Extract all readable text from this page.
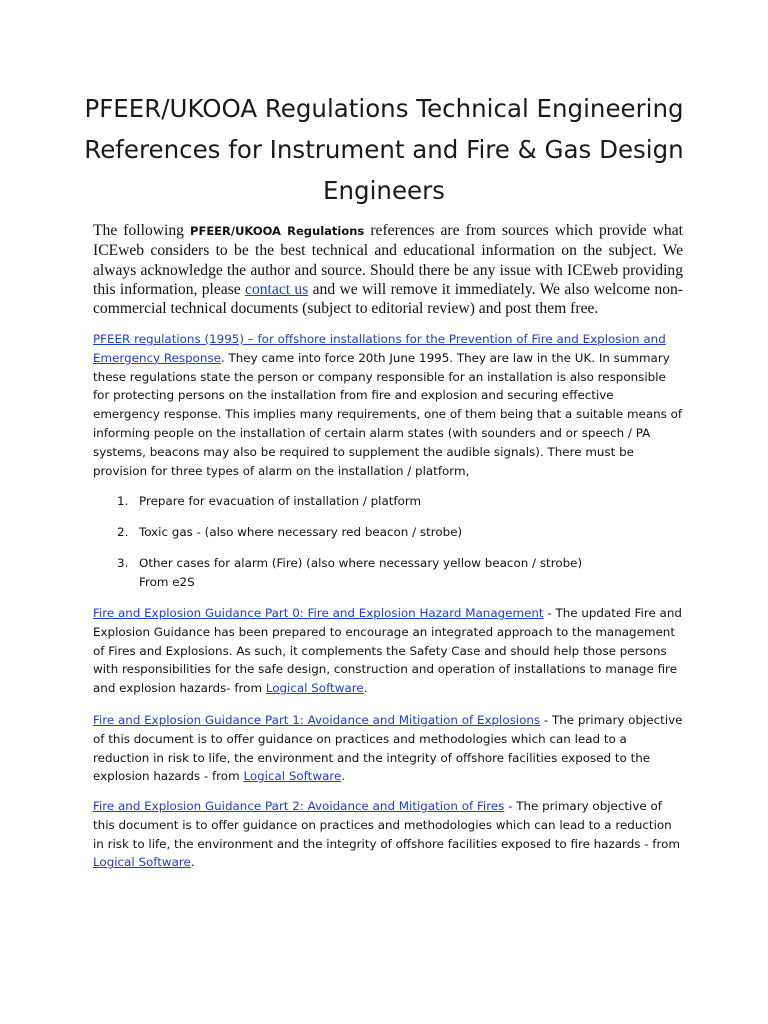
PFEER/UKOOA Regulations Technical Engineering References for Instrument and Fire & Gas Design Engineers

The following PFEER/UKOOA Regulations references are from sources which provide what ICEweb considers to be the best technical and educational information on the subject. We always acknowledge the author and source. Should there be any issue with ICEweb providing this information, please contact us and we will remove it immediately. We also welcome non-commercial technical documents (subject to editorial review) and post them free.

PFEER regulations (1995) – for offshore installations for the Prevention of Fire and Explosion and Emergency Response. They came into force 20th June 1995. They are law in the UK. In summary these regulations state the person or company responsible for an installation is also responsible for protecting persons on the installation from fire and explosion and securing effective emergency response. This implies many requirements, one of them being that a suitable means of informing people on the installation of certain alarm states (with sounders and or speech / PA systems, beacons may also be required to supplement the audible signals). There must be provision for three types of alarm on the installation / platform,

1. Prepare for evacuation of installation / platform
2. Toxic gas - (also where necessary red beacon / strobe)
3. Other cases for alarm (Fire) (also where necessary yellow beacon / strobe)
From e2S

Fire and Explosion Guidance Part 0: Fire and Explosion Hazard Management - The updated Fire and Explosion Guidance has been prepared to encourage an integrated approach to the management of Fires and Explosions. As such, it complements the Safety Case and should help those persons with responsibilities for the safe design, construction and operation of installations to manage fire and explosion hazards- from Logical Software.

Fire and Explosion Guidance Part 1: Avoidance and Mitigation of Explosions - The primary objective of this document is to offer guidance on practices and methodologies which can lead to a reduction in risk to life, the environment and the integrity of offshore facilities exposed to the explosion hazards - from Logical Software.

Fire and Explosion Guidance Part 2: Avoidance and Mitigation of Fires - The primary objective of this document is to offer guidance on practices and methodologies which can lead to a reduction in risk to life, the environment and the integrity of offshore facilities exposed to fire hazards - from Logical Software.
